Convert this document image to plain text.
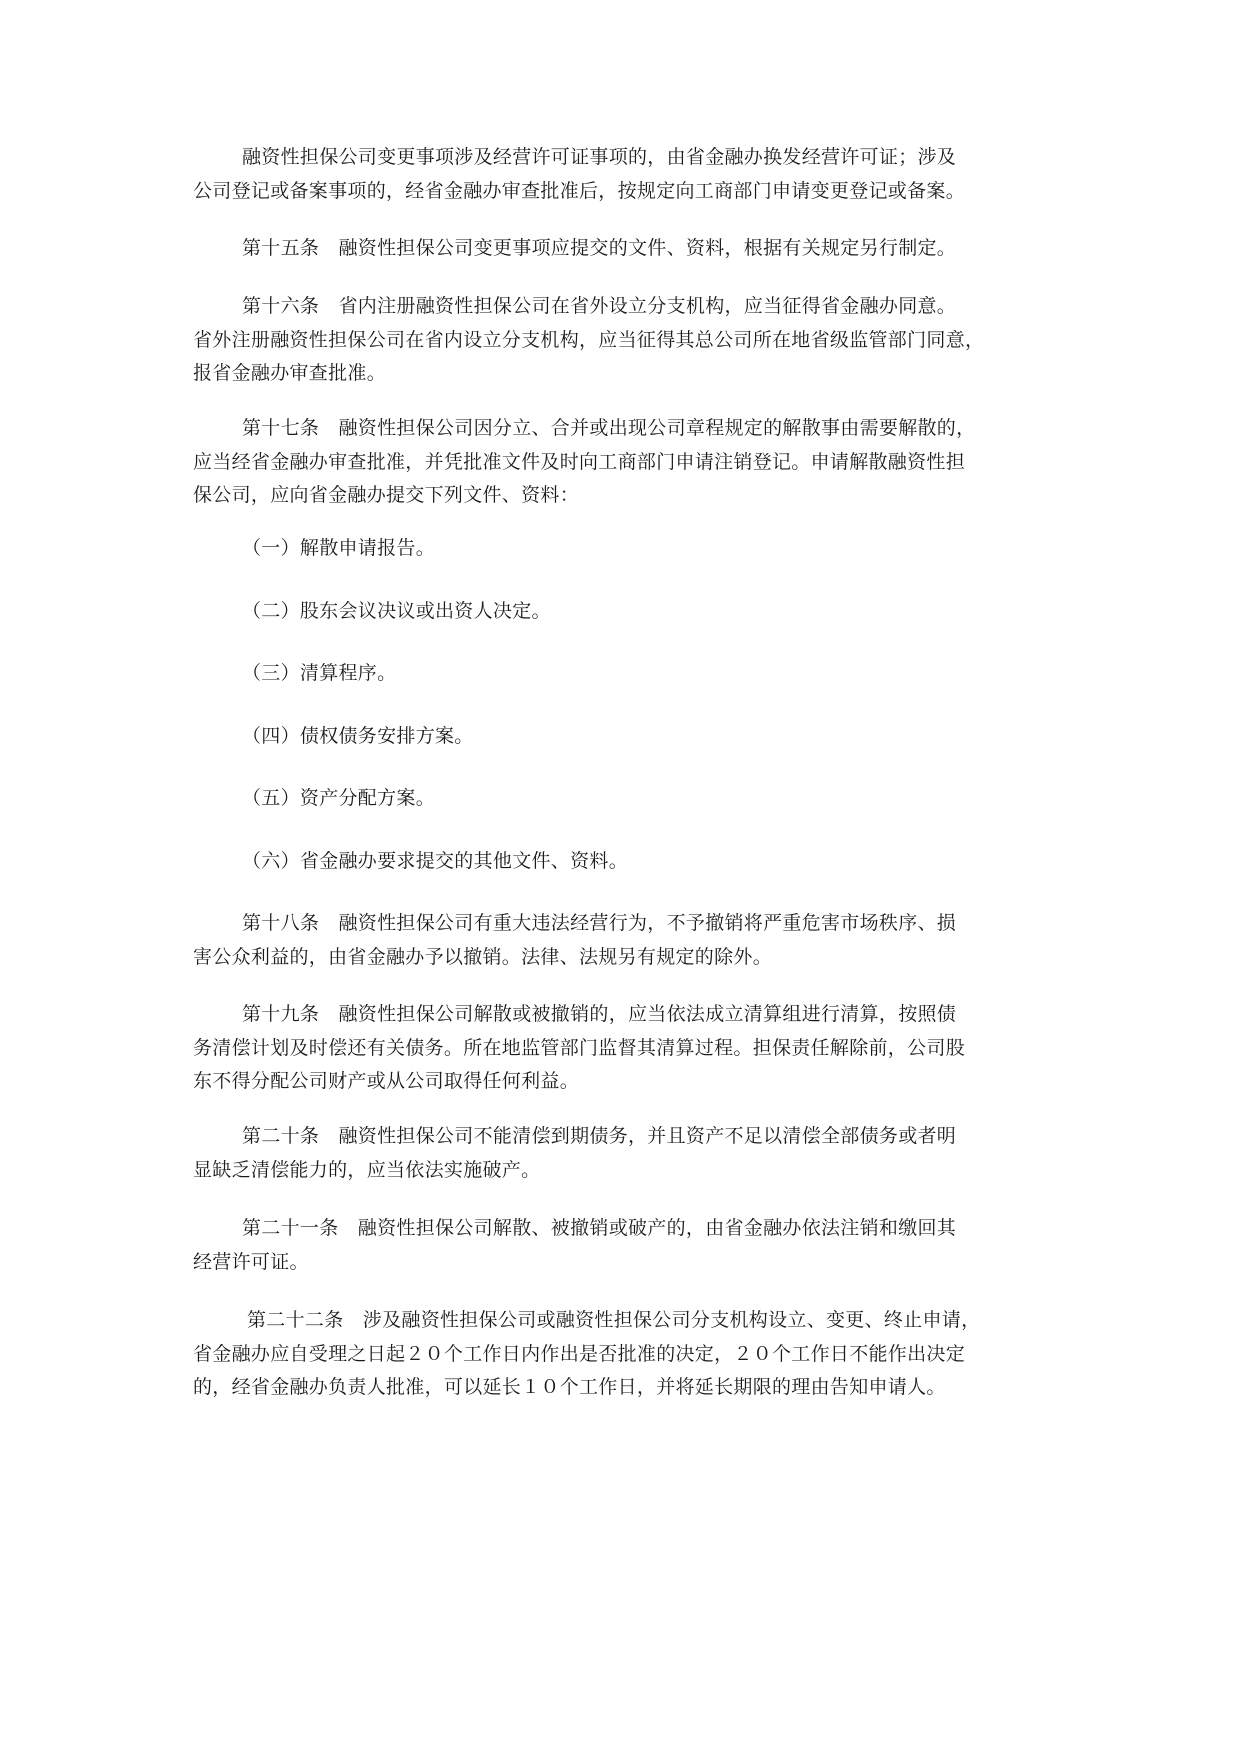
融资性担保公司变更事项涉及经营许可证事项的，由省金融办换发经营许可证；涉及
公司登记或备案事项的，经省金融办审查批准后，按规定向工商部门申请变更登记或备案。
第十五条　融资性担保公司变更事项应提交的文件、资料，根据有关规定另行制定。
第十六条　省内注册融资性担保公司在省外设立分支机构，应当征得省金融办同意。
省外注册融资性担保公司在省内设立分支机构，应当征得其总公司所在地省级监管部门同意，
报省金融办审查批准。
第十七条　融资性担保公司因分立、合并或出现公司章程规定的解散事由需要解散的，
应当经省金融办审查批准，并凭批准文件及时向工商部门申请注销登记。申请解散融资性担
保公司，应向省金融办提交下列文件、资料：
（一）解散申请报告。
（二）股东会议决议或出资人决定。
（三）清算程序。
（四）债权债务安排方案。
（五）资产分配方案。
（六）省金融办要求提交的其他文件、资料。
第十八条　融资性担保公司有重大违法经营行为，不予撤销将严重危害市场秩序、损
害公众利益的，由省金融办予以撤销。法律、法规另有规定的除外。
第十九条　融资性担保公司解散或被撤销的，应当依法成立清算组进行清算，按照债
务清偿计划及时偿还有关债务。所在地监管部门监督其清算过程。担保责任解除前，公司股
东不得分配公司财产或从公司取得任何利益。
第二十条　融资性担保公司不能清偿到期债务，并且资产不足以清偿全部债务或者明
显缺乏清偿能力的，应当依法实施破产。
第二十一条　融资性担保公司解散、被撤销或破产的，由省金融办依法注销和缴回其
经营许可证。
第二十二条　涉及融资性担保公司或融资性担保公司分支机构设立、变更、终止申请，
省金融办应自受理之日起２０个工作日内作出是否批准的决定，２０个工作日不能作出决定
的，经省金融办负责人批准，可以延长１０个工作日，并将延长期限的理由告知申请人。
